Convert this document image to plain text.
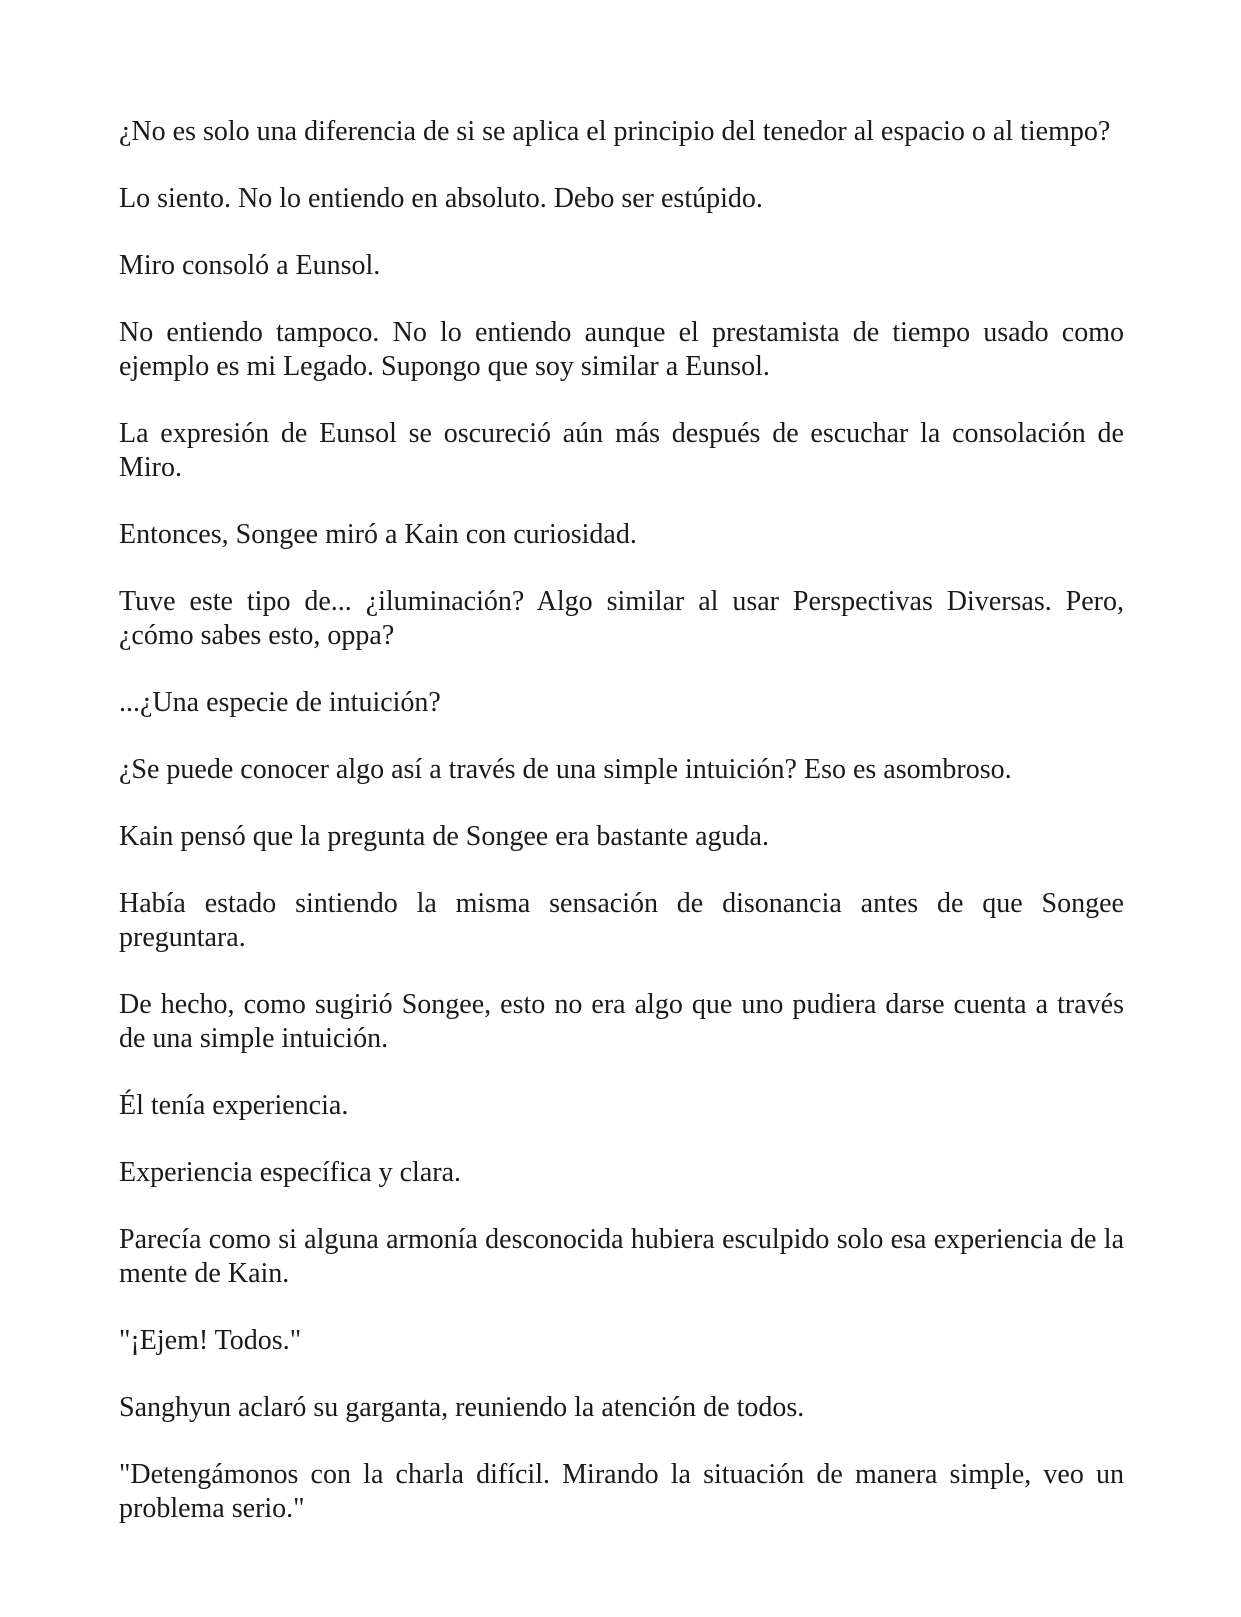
¿No es solo una diferencia de si se aplica el principio del tenedor al espacio o al tiempo?

Lo siento. No lo entiendo en absoluto. Debo ser estúpido.

Miro consoló a Eunsol.

No entiendo tampoco. No lo entiendo aunque el prestamista de tiempo usado como ejemplo es mi Legado. Supongo que soy similar a Eunsol.

La expresión de Eunsol se oscureció aún más después de escuchar la consolación de Miro.

Entonces, Songee miró a Kain con curiosidad.

Tuve este tipo de... ¿iluminación? Algo similar al usar Perspectivas Diversas. Pero, ¿cómo sabes esto, oppa?

...¿Una especie de intuición?

¿Se puede conocer algo así a través de una simple intuición? Eso es asombroso.

Kain pensó que la pregunta de Songee era bastante aguda.

Había estado sintiendo la misma sensación de disonancia antes de que Songee preguntara.

De hecho, como sugirió Songee, esto no era algo que uno pudiera darse cuenta a través de una simple intuición.

Él tenía experiencia.

Experiencia específica y clara.

Parecía como si alguna armonía desconocida hubiera esculpido solo esa experiencia de la mente de Kain.

"¡Ejem! Todos."

Sanghyun aclaró su garganta, reuniendo la atención de todos.

"Detengámonos con la charla difícil. Mirando la situación de manera simple, veo un problema serio."
